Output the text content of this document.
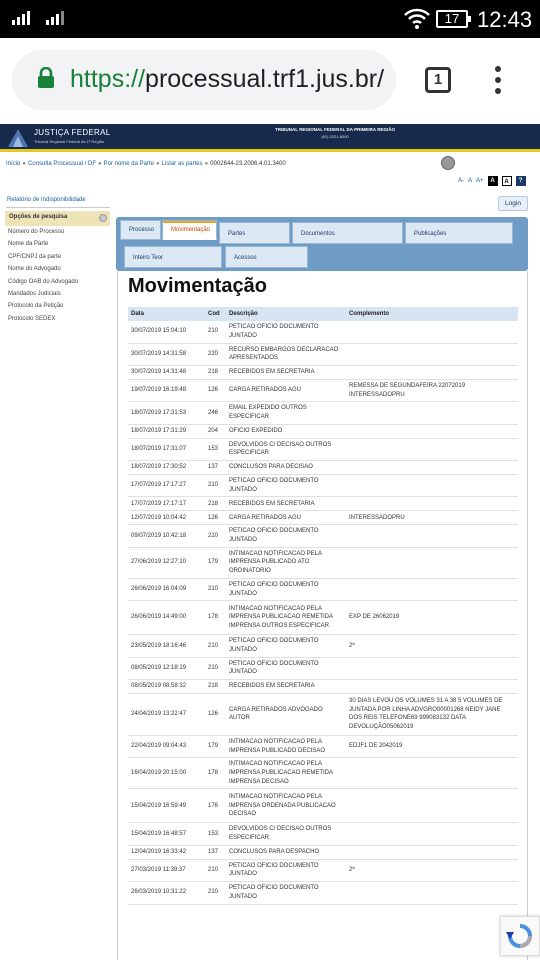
17 12:43
https://processual.trf1.jus.br/	1
JUSTIÇA FEDERAL
Tribunal Regional Federal da 1ª Região
TRIBUNAL REGIONAL FEDERAL DA PRIMEIRA REGIÃO
(61) 3221-6000
Início ● Consulta Processual / DF ● Por nome da Parte ● Listar as partes ● 0002644-23.2006.4.01.3400
A- A A+	A	A	?
Relatório de Indisponibilidade	Login
Opções de pesquisa
Número do Processo
Nome da Parte
CPF/CNPJ da parte
Nome do Advogado
Código OAB do Advogado
Mandados Judiciais
Protocolo da Petição
Protocolo SEDEX
Processo	Movimentação
Partes	Documentos	Publicações
Inteiro Teor	Acessos
Movimentação
Data	Cod	Descrição	Complemento
30/07/2019 15:04:10	210	PETICAO OFICIO DOCUMENTO JUNTADO	
30/07/2019 14:31:58	220	RECURSO EMBARGOS DECLARACAO APRESENTADOS	
30/07/2019 14:31:48	218	RECEBIDOS EM SECRETARIA	
19/07/2019 16:19:48	126	CARGA RETIRADOS AGU	REMESSA DE SEGUNDAFEIRA 22072019 INTERESSADOPRU
18/07/2019 17:31:53	246	EMAIL EXPEDIDO OUTROS ESPECIFICAR	
18/07/2019 17:31:29	204	OFICIO EXPEDIDO	
18/07/2019 17:31:07	153	DEVOLVIDOS C/ DECISAO OUTROS ESPECIFICAR	
18/07/2019 17:30:52	137	CONCLUSOS PARA DECISAO	
17/07/2019 17:17:27	210	PETICAO OFICIO DOCUMENTO JUNTADO	
17/07/2019 17:17:17	218	RECEBIDOS EM SECRETARIA	
12/07/2019 10:04:42	126	CARGA RETIRADOS AGU	INTERESSADOPRU
09/07/2019 10:42:18	210	PETICAO OFICIO DOCUMENTO JUNTADO	
27/06/2019 12:27:10	179	INTIMACAO NOTIFICACAO PELA IMPRENSA PUBLICADO ATO ORDINATORIO	
26/06/2019 16:04:09	210	PETICAO OFICIO DOCUMENTO JUNTADO	
26/06/2019 14:49:00	178	INTIMACAO NOTIFICACAO PELA IMPRENSA PUBLICACAO REMETIDA IMPRENSA OUTROS ESPECIFICAR	EXP DE 26062019
23/05/2019 18:16:46	210	PETICAO OFICIO DOCUMENTO JUNTADO	2ª
08/05/2019 12:18:19	210	PETICAO OFICIO DOCUMENTO JUNTADO	
08/05/2019 08:58:32	218	RECEBIDOS EM SECRETARIA	
24/04/2019 13:22:47	126	CARGA RETIRADOS ADVOGADO AUTOR	30 DIAS LEVOU OS VOLUMES 31 A 38 5 VOLUMES DE JUNTADA POR LINHA ADVGRO00001268 NEIDY JANE DOS REIS TELEFONE69 999083132 DATA DEVOLUÇÃO05062019
22/04/2019 09:04:43	179	INTIMACAO NOTIFICACAO PELA IMPRENSA PUBLICADO DECISAO	EDJF1 DE 2042019
16/04/2019 20:15:00	178	INTIMACAO NOTIFICACAO PELA IMPRENSA PUBLICACAO REMETIDA IMPRENSA DECISAO	
15/04/2019 16:59:49	176	INTIMACAO NOTIFICACAO PELA IMPRENSA ORDENADA PUBLICACAO DECISAO	
15/04/2019 16:48:57	153	DEVOLVIDOS C/ DECISAO OUTROS ESPECIFICAR	
12/04/2019 16:33:42	137	CONCLUSOS PARA DESPACHO	
27/03/2019 11:39:37	210	PETICAO OFICIO DOCUMENTO JUNTADO	2ª
26/03/2019 10:31:22	210	PETICAO OFICIO DOCUMENTO JUNTADO	
